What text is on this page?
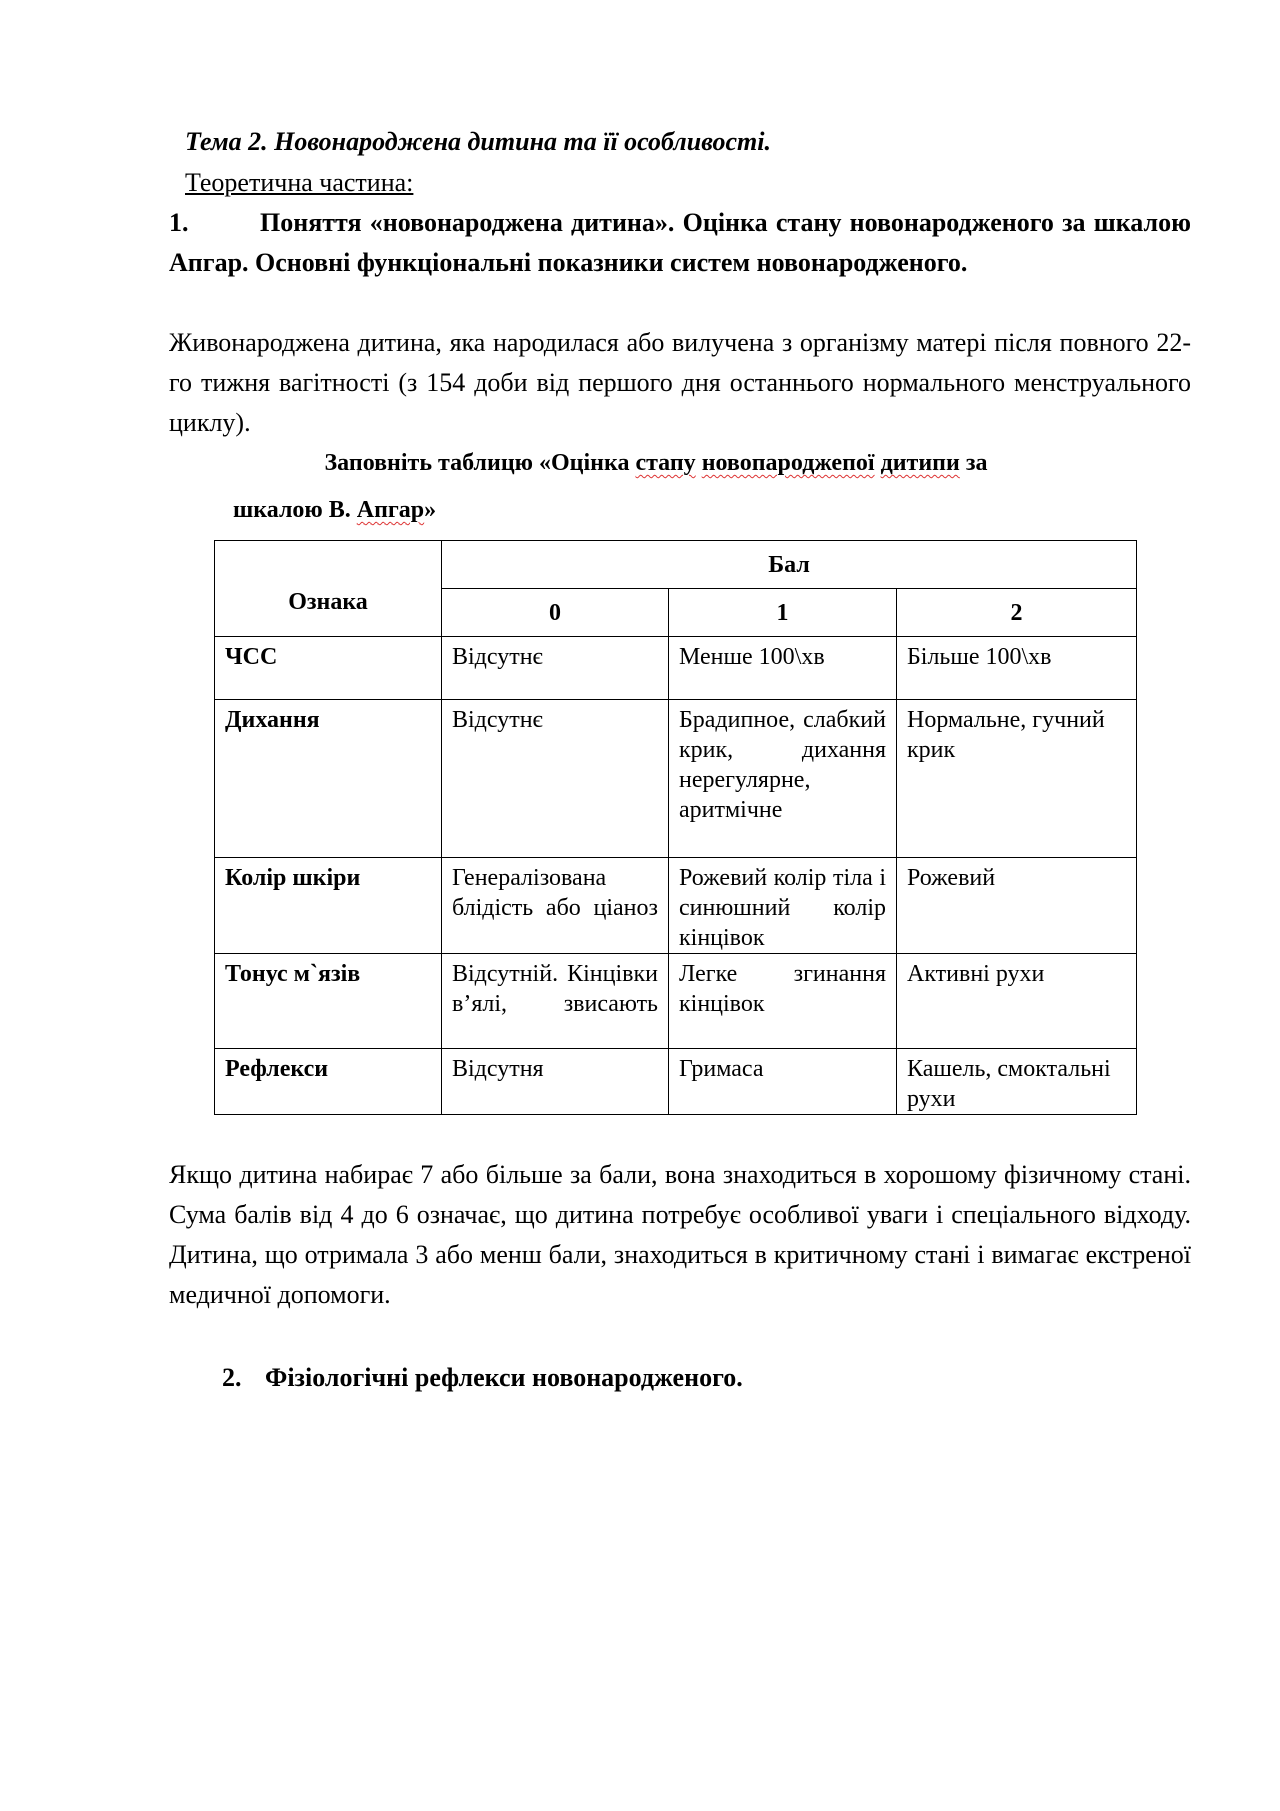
Тема 2. Новонароджена дитина та її особливості.
Теоретична частина:
1.	Поняття «новонароджена дитина». Оцінка стану новонародженого за шкалою Апгар. Основні функціональні показники систем новонародженого.
Живонароджена дитина, яка народилася або вилучена з організму матері після повного 22-го тижня вагітності (з 154 доби від першого дня останнього нормального менструального циклу).
Заповніть таблицю «Оцінка стапу новопароджепої дитипи за
шкалою В. Апгар»
Ознака	Бал		
	0	1	2
ЧСС	Відсутнє	Менше 100\хв	Більше 100\хв
Дихання	Відсутнє	Брадипное, слабкий крик, дихання нерегулярне, аритмічне	Нормальне, гучний крик
Колір шкіри	Генералізована блідість або ціаноз	Рожевий колір тіла і синюшний колір кінцівок	Рожевий
Тонус м`язів	Відсутній. Кінцівки в’ялі, звисають	Легке згинання кінцівок	Активні рухи
Рефлекси	Відсутня	Гримаса	Кашель, смоктальні рухи
Якщо дитина набирає 7 або більше за бали, вона знаходиться в хорошому фізичному стані. Сума балів від 4 до 6 означає, що дитина потребує особливої уваги і спеціального відходу. Дитина, що отримала 3 або менш бали, знаходиться в критичному стані і вимагає екстреної медичної допомоги.
2. Фізіологічні рефлекси новонародженого.
